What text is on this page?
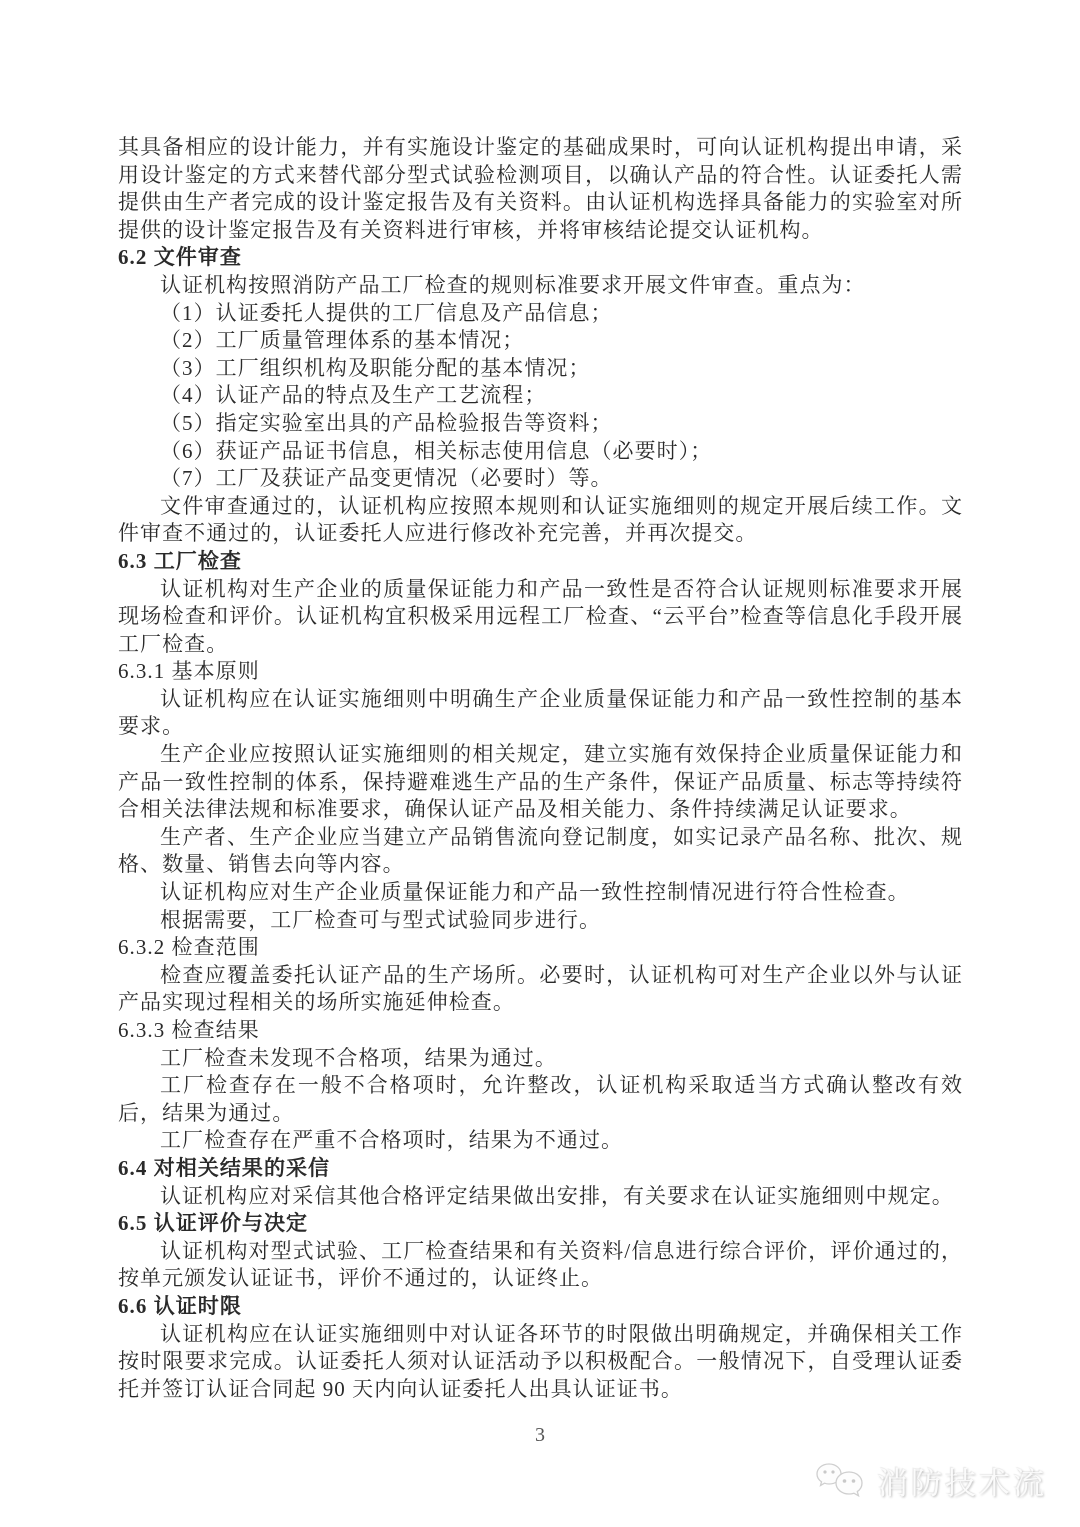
其具备相应的设计能力，并有实施设计鉴定的基础成果时，可向认证机构提出申请，采用设计鉴定的方式来替代部分型式试验检测项目，以确认产品的符合性。认证委托人需提供由生产者完成的设计鉴定报告及有关资料。由认证机构选择具备能力的实验室对所提供的设计鉴定报告及有关资料进行审核，并将审核结论提交认证机构。

6.2 文件审查

认证机构按照消防产品工厂检查的规则标准要求开展文件审查。重点为：

（1）认证委托人提供的工厂信息及产品信息；

（2）工厂质量管理体系的基本情况；

（3）工厂组织机构及职能分配的基本情况；

（4）认证产品的特点及生产工艺流程；

（5）指定实验室出具的产品检验报告等资料；

（6）获证产品证书信息，相关标志使用信息（必要时）；

（7）工厂及获证产品变更情况（必要时）等。

文件审查通过的，认证机构应按照本规则和认证实施细则的规定开展后续工作。文件审查不通过的，认证委托人应进行修改补充完善，并再次提交。

6.3 工厂检查

认证机构对生产企业的质量保证能力和产品一致性是否符合认证规则标准要求开展现场检查和评价。认证机构宜积极采用远程工厂检查、“云平台”检查等信息化手段开展工厂检查。

6.3.1 基本原则

认证机构应在认证实施细则中明确生产企业质量保证能力和产品一致性控制的基本要求。

生产企业应按照认证实施细则的相关规定，建立实施有效保持企业质量保证能力和产品一致性控制的体系，保持避难逃生产品的生产条件，保证产品质量、标志等持续符合相关法律法规和标准要求，确保认证产品及相关能力、条件持续满足认证要求。

生产者、生产企业应当建立产品销售流向登记制度，如实记录产品名称、批次、规格、数量、销售去向等内容。

认证机构应对生产企业质量保证能力和产品一致性控制情况进行符合性检查。

根据需要，工厂检查可与型式试验同步进行。

6.3.2 检查范围

检查应覆盖委托认证产品的生产场所。必要时，认证机构可对生产企业以外与认证产品实现过程相关的场所实施延伸检查。

6.3.3 检查结果

工厂检查未发现不合格项，结果为通过。

工厂检查存在一般不合格项时，允许整改，认证机构采取适当方式确认整改有效后，结果为通过。

工厂检查存在严重不合格项时，结果为不通过。

6.4 对相关结果的采信

认证机构应对采信其他合格评定结果做出安排，有关要求在认证实施细则中规定。

6.5 认证评价与决定

认证机构对型式试验、工厂检查结果和有关资料/信息进行综合评价，评价通过的，按单元颁发认证证书，评价不通过的，认证终止。

6.6 认证时限

认证机构应在认证实施细则中对认证各环节的时限做出明确规定，并确保相关工作按时限要求完成。认证委托人须对认证活动予以积极配合。一般情况下，自受理认证委托并签订认证合同起 90 天内向认证委托人出具认证证书。

3
消防技术流
